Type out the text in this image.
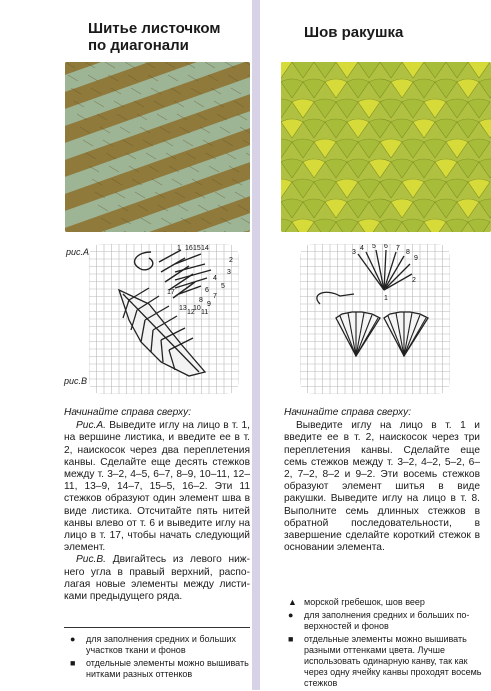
Шитье листочком
по диагонали
рис.А	1 16 15 14
3
2
4
5
6
7
8
9
10
11
12
13
17
рис.В
Начинайте справа сверху:

Рис.А. Выведите иглу на лицо в т. 1, на вершине листика, и введите ее в т. 2, наискосок через два переплетения канвы. Сделайте еще десять стежков между т. 3–2, 4–5, 6–7, 8–9, 10–11, 12–11, 13–9, 14–7, 15–5, 16–2. Эти 11 стежков образуют один элемент шва в виде листика. Отсчитайте пять нитей канвы влево от т. 6 и выведите иглу на лицо в т. 17, чтобы начать следующий элемент.

Рис.В. Двигайтесь из левого нижнего угла в правый верхний, располагая новые элементы между листиками предыдущего ряда.

● для заполнения средних и больших участков ткани и фонов
■ отдельные элементы можно вышивать нитками разных оттенков
Шов ракушка
1
2
3
4 5 6 7
8
9
Начинайте справа сверху:

Выведите иглу на лицо в т. 1 и введите ее в т. 2, наискосок через три переплетения канвы. Сделайте еще семь стежков между т. 3–2, 4–2, 5–2, 6–2, 7–2, 8–2 и 9–2. Эти восемь стежков образуют элемент шитья в виде ракушки. Выведите иглу на лицо в т. 8. Выполните семь длинных стежков в обратной последовательности, в завершение сделайте короткий стежок в основании элемента.

▲ морской гребешок, шов веер
● для заполнения средних и больших поверхностей и фонов
■ отдельные элементы можно вышивать разными оттенками цвета. Лучше использовать одинарную канву, так как через одну ячейку канвы проходят восемь стежков
